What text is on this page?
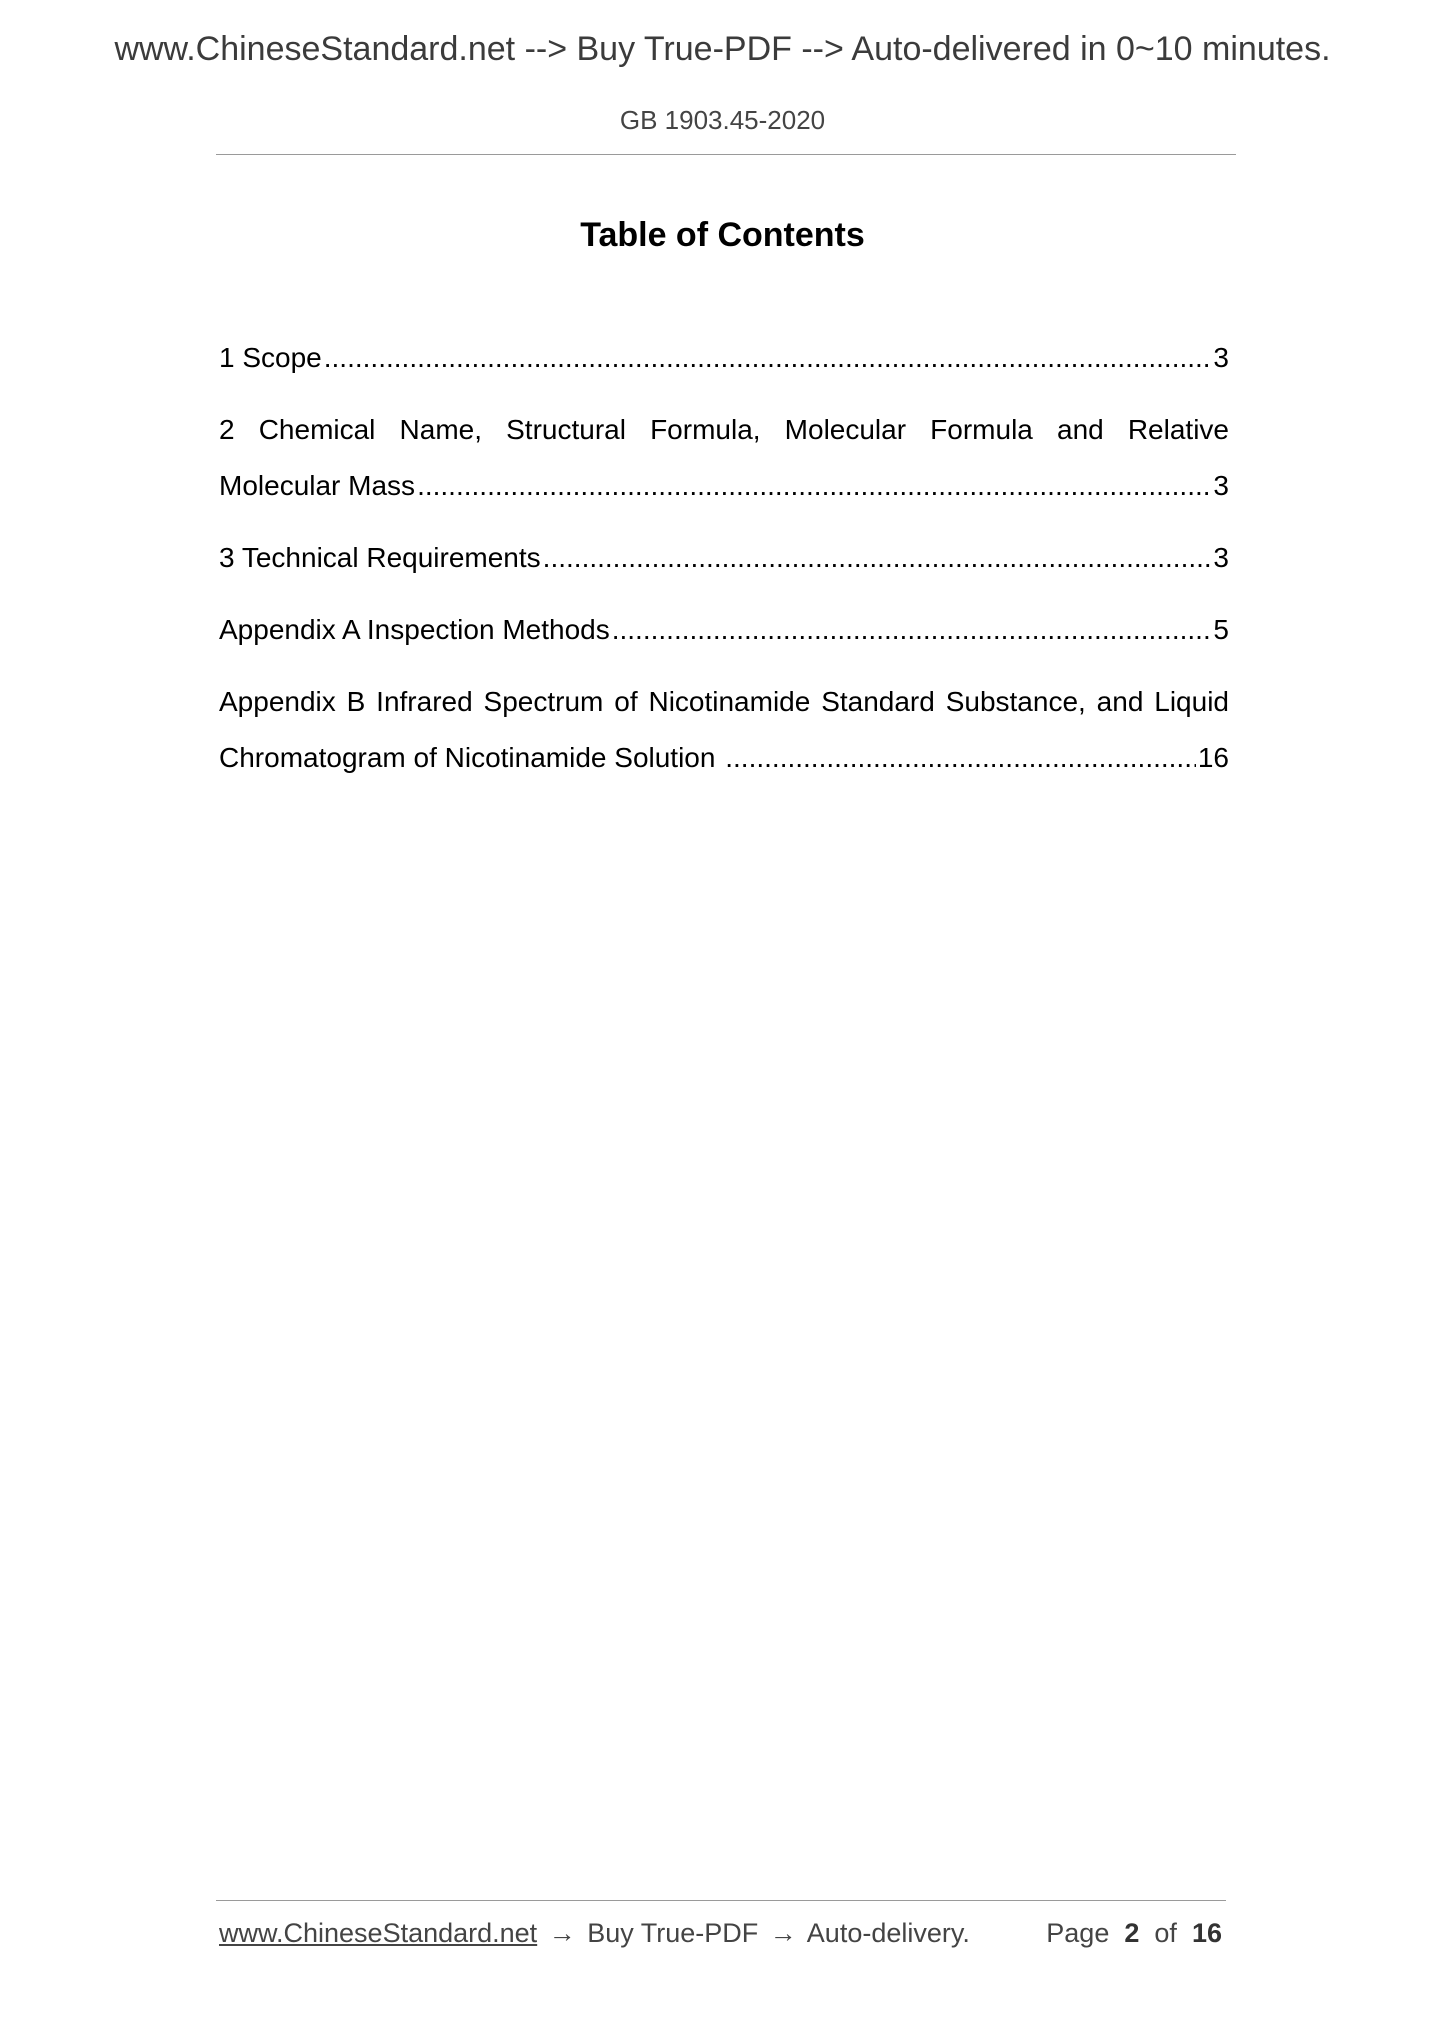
www.ChineseStandard.net --> Buy True-PDF --> Auto-delivered in 0~10 minutes.
GB 1903.45-2020
Table of Contents
1 Scope .....	3
2 Chemical Name, Structural Formula, Molecular Formula and Relative
Molecular Mass .....	3
3 Technical Requirements .....	3
Appendix A Inspection Methods .....	5
Appendix B Infrared Spectrum of Nicotinamide Standard Substance, and Liquid
Chromatogram of Nicotinamide Solution .....	16
www.ChineseStandard.net → Buy True-PDF → Auto-delivery.	Page 2 of 16
